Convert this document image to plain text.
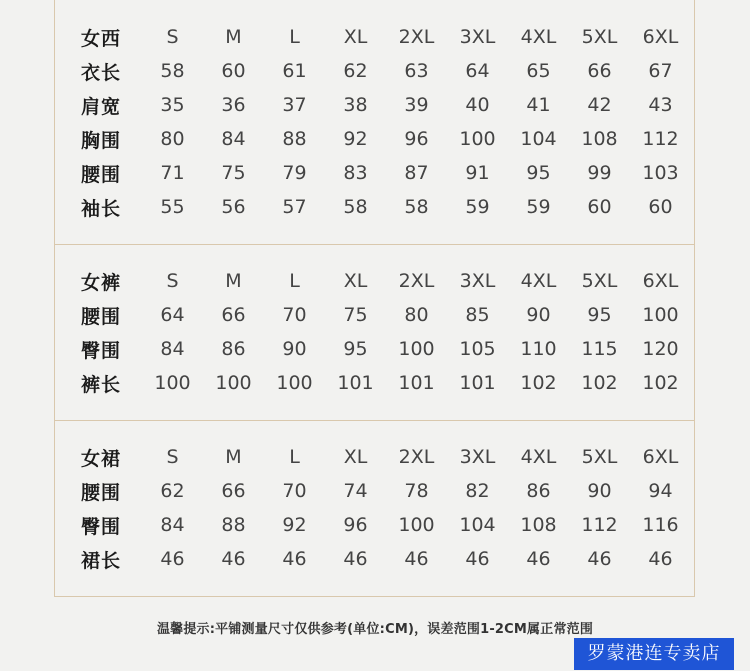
女西	S	M	L	XL	2XL	3XL	4XL	5XL	6XL
衣长	58	60	61	62	63	64	65	66	67
肩宽	35	36	37	38	39	40	41	42	43
胸围	80	84	88	92	96	100	104	108	112
腰围	71	75	79	83	87	91	95	99	103
袖长	55	56	57	58	58	59	59	60	60
女裤	S	M	L	XL	2XL	3XL	4XL	5XL	6XL
腰围	64	66	70	75	80	85	90	95	100
臀围	84	86	90	95	100	105	110	115	120
裤长	100	100	100	101	101	101	102	102	102
女裙	S	M	L	XL	2XL	3XL	4XL	5XL	6XL
腰围	62	66	70	74	78	82	86	90	94
臀围	84	88	92	96	100	104	108	112	116
裙长	46	46	46	46	46	46	46	46	46
温馨提示:平铺测量尺寸仅供参考(单位:CM)，误差范围1-2CM属正常范围
罗蒙港连专卖店
